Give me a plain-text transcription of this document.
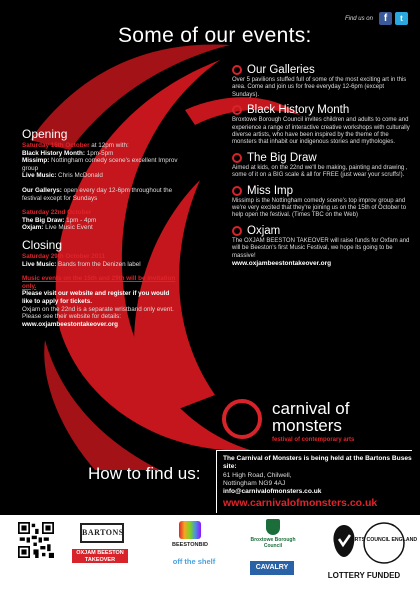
Find us on	f	t
Some of our events:
Our Galleries
Over 5 pavilions stuffed full of some of the most exciting art in this area. Come and join us for free everyday 12-6pm (except Sundays).
Black History Month
Broxtowe Borough Council invites children and adults to come and experience a range of interactive creative workshops with culturally diverse artists, who have been inspired by the theme of the monsters that inhabit our indigenous stories and mythologies.
The Big Draw
Aimed at kids, on the 22nd we'll be making, painting and drawing , some of it on a BIG scale & all for FREE (just wear your scruffs!).
Miss Imp
Missimp is the Nottingham comedy scene's top improv group and we're very excited that they're joining us on the 15th of October to help open the festival. (Times TBC on the Web)
Oxjam
The OXJAM BEESTON TAKEOVER will raise funds for Oxfam and will be Beeston's first Music Festival, we hope its going to be massive!
www.oxjambeestontakeover.org
Opening
Saturday 15th October at 12pm with:
Black History Month: 1pm-5pm
Missimp: Nottingham comedy scene's excellent Improv group
Live Music: Chris McDonald
Our Gallerys: open every day 12-6pm throughout the festival except for Sundays
Saturday 22nd October
The Big Draw: 1pm - 4pm
Oxjam: Live Music Event
Closing
Saturday 29th October 2011
Live Music: Bands from the Denizen label
Music events on the 15th and 29th will be invitation only.
Please visit our website and register if you would like to apply for tickets.
Oxjam on the 22nd is a separate wristband only event. Please see their website for details:
www.oxjambeestontakeover.org
carnival of
monsters
festival of contemporary arts
How to find us:
The Carnival of Monsters is being held at the Bartons Buses site:
61 High Road, Chilwell,
Nottingham NG9 4AJ
info@carnivalofmonsters.co.uk
www.carnivalofmonsters.co.uk
BARTONS
OXJAM BEESTON TAKEOVER
BEESTONBID
off the shelf
Broxtowe Borough Council
CAVALRY
ARTS COUNCIL ENGLAND
LOTTERY FUNDED
